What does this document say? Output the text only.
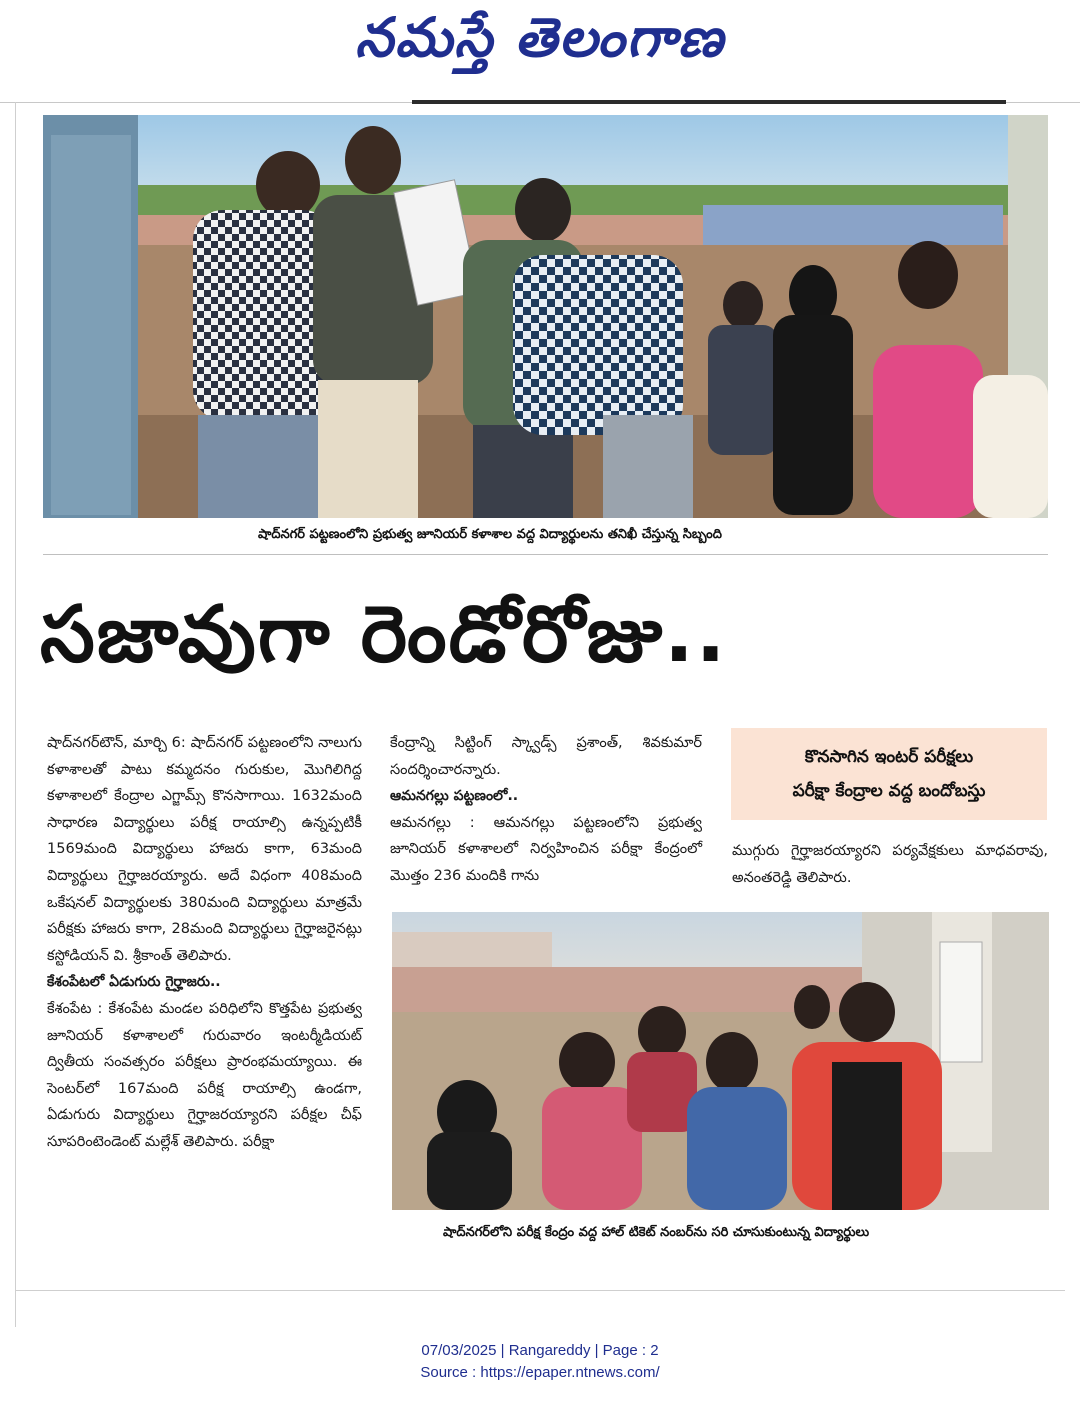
నమస్తే తెలంగాణ
షాద్‌నగర్ పట్టణంలోని ప్రభుత్వ జూనియర్ కళాశాల వద్ద విద్యార్థులను తనిఖీ చేస్తున్న సిబ్బంది
సజావుగా రెండోరోజు..
కొనసాగిన ఇంటర్ పరీక్షలు
పరీక్షా కేంద్రాల వద్ద బందోబస్తు

షాద్‌నగర్‌టౌన్, మార్చి 6: షాద్‌నగర్ పట్టణంలోని నాలుగు కళాశాలతో పాటు కమ్మదనం గురుకుల, మొగిలిగిద్ద కళాశాలలో కేంద్రాల ఎగ్జామ్స్ కొనసాగాయి. 1632మంది సాధారణ విద్యార్థులు పరీక్ష రాయాల్సి ఉన్నప్పటికీ 1569మంది విద్యార్థులు హాజరు కాగా, 63మంది విద్యార్థులు గైర్హాజరయ్యారు. అదే విధంగా 408మంది ఒకేషనల్ విద్యార్థులకు 380మంది విద్యార్థులు మాత్రమే పరీక్షకు హాజరు కాగా, 28మంది విద్యార్థులు గైర్హాజరైనట్లు కస్టోడియన్ వి. శ్రీకాంత్ తెలిపారు.

కేశంపేటలో ఏడుగురు గైర్హాజరు..

కేశంపేట : కేశంపేట మండల పరిధిలోని కొత్తపేట ప్రభుత్వ జూనియర్ కళాశాలలో గురువారం ఇంటర్మీడియట్ ద్వితీయ సంవత్సరం పరీక్షలు ప్రారంభమయ్యాయి. ఈ సెంటర్‌లో 167మంది పరీక్ష రాయాల్సి ఉండగా, ఏడుగురు విద్యార్థులు గైర్హాజరయ్యారని పరీక్షల చీఫ్ సూపరింటెండెంట్ మల్లేశ్ తెలిపారు. పరీక్షా

కేంద్రాన్ని సిట్టింగ్ స్క్వాడ్స్ ప్రశాంత్, శివకుమార్ సందర్శించారన్నారు.

ఆమనగల్లు పట్టణంలో..

ఆమనగల్లు : ఆమనగల్లు పట్టణంలోని ప్రభుత్వ జూనియర్ కళాశాలలో నిర్వహించిన పరీక్షా కేంద్రంలో మొత్తం 236 మందికి గాను

ముగ్గురు గైర్హాజరయ్యారని పర్యవేక్షకులు మాధవరావు, అనంతరెడ్డి తెలిపారు.

షాద్‌నగర్‌లోని పరీక్ష కేంద్రం వద్ద హాల్ టికెట్ నంబర్‌ను సరి చూసుకుంటున్న విద్యార్థులు
07/03/2025 | Rangareddy | Page : 2
Source : https://epaper.ntnews.com/
